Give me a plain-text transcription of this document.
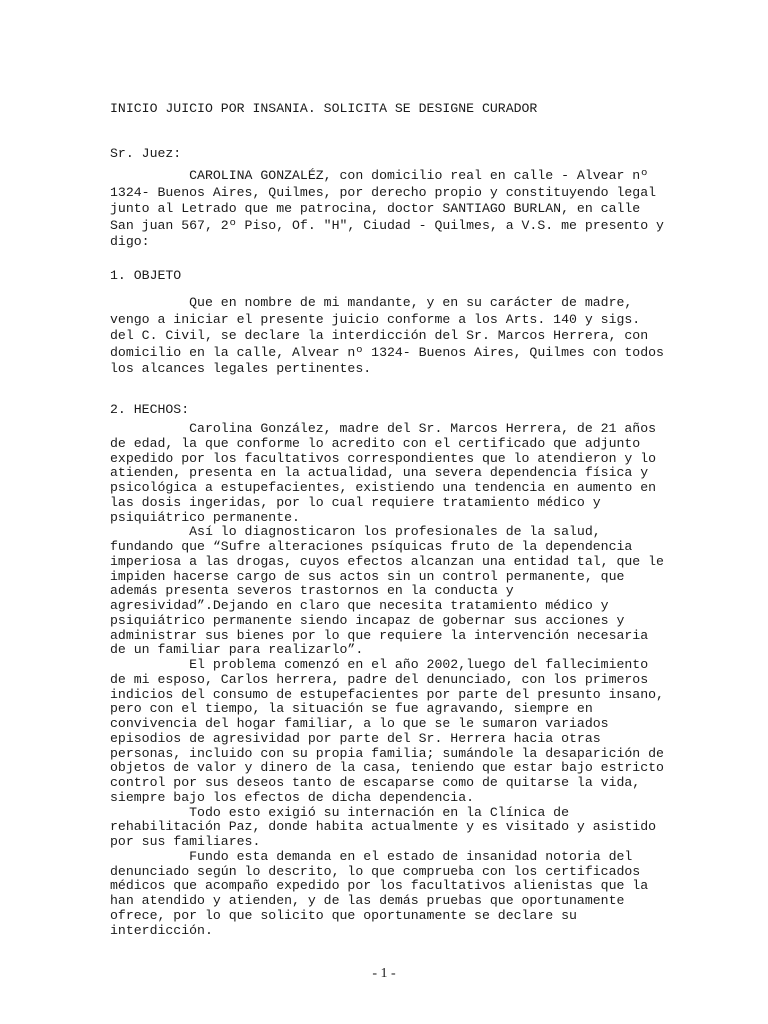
INICIO JUICIO POR INSANIA. SOLICITA SE DESIGNE CURADOR
Sr. Juez:
CAROLINA GONZALÉZ, con domicilio real en calle - Alvear nº
1324- Buenos Aires, Quilmes, por derecho propio y constituyendo legal
junto al Letrado que me patrocina, doctor SANTIAGO BURLAN, en calle
San juan 567, 2º Piso, Of. "H", Ciudad - Quilmes, a V.S. me presento y
digo:
1. OBJETO
Que en nombre de mi mandante, y en su carácter de madre,
vengo a iniciar el presente juicio conforme a los Arts. 140 y sigs.
del C. Civil, se declare la interdicción del Sr. Marcos Herrera, con
domicilio en la calle, Alvear nº 1324- Buenos Aires, Quilmes con todos
los alcances legales pertinentes.
2. HECHOS:
Carolina González, madre del Sr. Marcos Herrera, de 21 años
de edad, la que conforme lo acredito con el certificado que adjunto
expedido por los facultativos correspondientes que lo atendieron y lo
atienden, presenta en la actualidad, una severa dependencia física y
psicológica a estupefacientes, existiendo una tendencia en aumento en
las dosis ingeridas, por lo cual requiere tratamiento médico y
psiquiátrico permanente.
Así lo diagnosticaron los profesionales de la salud,
fundando que “Sufre alteraciones psíquicas fruto de la dependencia
imperiosa a las drogas, cuyos efectos alcanzan una entidad tal, que le
impiden hacerse cargo de sus actos sin un control permanente, que
además presenta severos trastornos en la conducta y
agresividad”.Dejando en claro que necesita tratamiento médico y
psiquiátrico permanente siendo incapaz de gobernar sus acciones y
administrar sus bienes por lo que requiere la intervención necesaria
de un familiar para realizarlo”.
El problema comenzó en el año 2002,luego del fallecimiento
de mi esposo, Carlos herrera, padre del denunciado, con los primeros
indicios del consumo de estupefacientes por parte del presunto insano,
pero con el tiempo, la situación se fue agravando, siempre en
convivencia del hogar familiar, a lo que se le sumaron variados
episodios de agresividad por parte del Sr. Herrera hacia otras
personas, incluido con su propia familia; sumándole la desaparición de
objetos de valor y dinero de la casa, teniendo que estar bajo estricto
control por sus deseos tanto de escaparse como de quitarse la vida,
siempre bajo los efectos de dicha dependencia.
Todo esto exigió su internación en la Clínica de
rehabilitación Paz, donde habita actualmente y es visitado y asistido
por sus familiares.
Fundo esta demanda en el estado de insanidad notoria del
denunciado según lo descrito, lo que comprueba con los certificados
médicos que acompaño expedido por los facultativos alienistas que la
han atendido y atienden, y de las demás pruebas que oportunamente
ofrece, por lo que solicito que oportunamente se declare su
interdicción.
- 1 -
